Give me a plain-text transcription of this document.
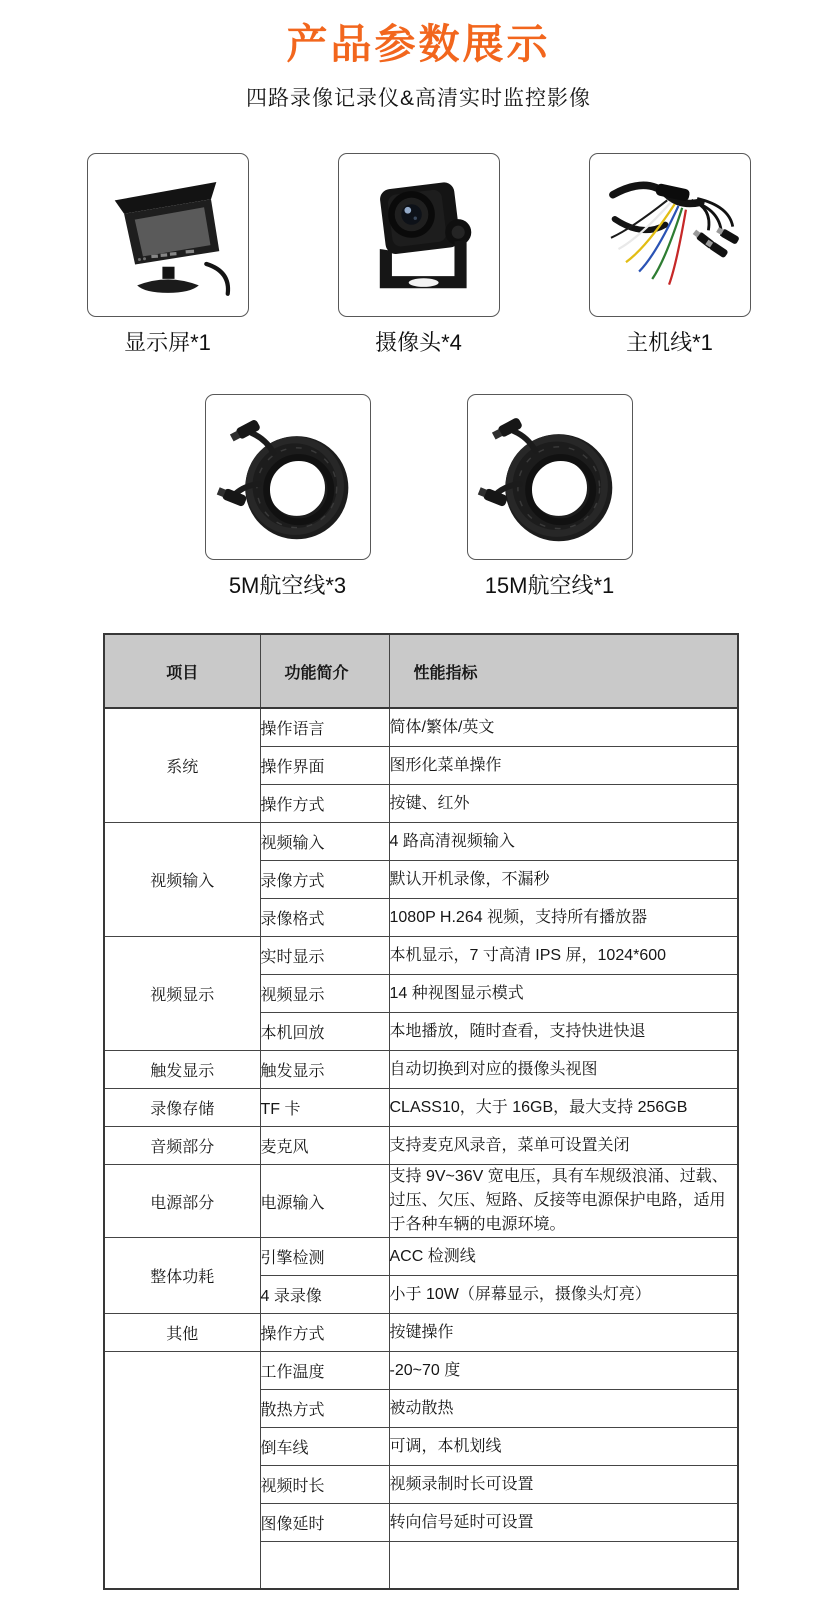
产品参数展示
四路录像记录仪&高清实时监控影像
显示屏*1	摄像头*4	主机线*1
5M航空线*3	15M航空线*1
项目	功能简介	性能指标
系统	操作语言	简体/繁体/英文
	操作界面	图形化菜单操作
	操作方式	按键、红外
视频输入	视频输入	4 路高清视频输入
	录像方式	默认开机录像，不漏秒
	录像格式	1080P H.264 视频，支持所有播放器
视频显示	实时显示	本机显示，7 寸高清 IPS 屏，1024*600
	视频显示	14 种视图显示模式
	本机回放	本地播放，随时查看，支持快进快退
触发显示	触发显示	自动切换到对应的摄像头视图
录像存储	TF 卡	CLASS10，大于 16GB，最大支持 256GB
音频部分	麦克风	支持麦克风录音，菜单可设置关闭
电源部分	电源输入	支持 9V~36V 宽电压，具有车规级浪涌、过载、过压、欠压、短路、反接等电源保护电路，适用于各种车辆的电源环境。
整体功耗	引擎检测	ACC 检测线
	4 录录像	小于 10W（屏幕显示，摄像头灯亮）
其他	操作方式	按键操作
	工作温度	-20~70 度
	散热方式	被动散热
	倒车线	可调，本机划线
	视频时长	视频录制时长可设置
	图像延时	转向信号延时可设置
